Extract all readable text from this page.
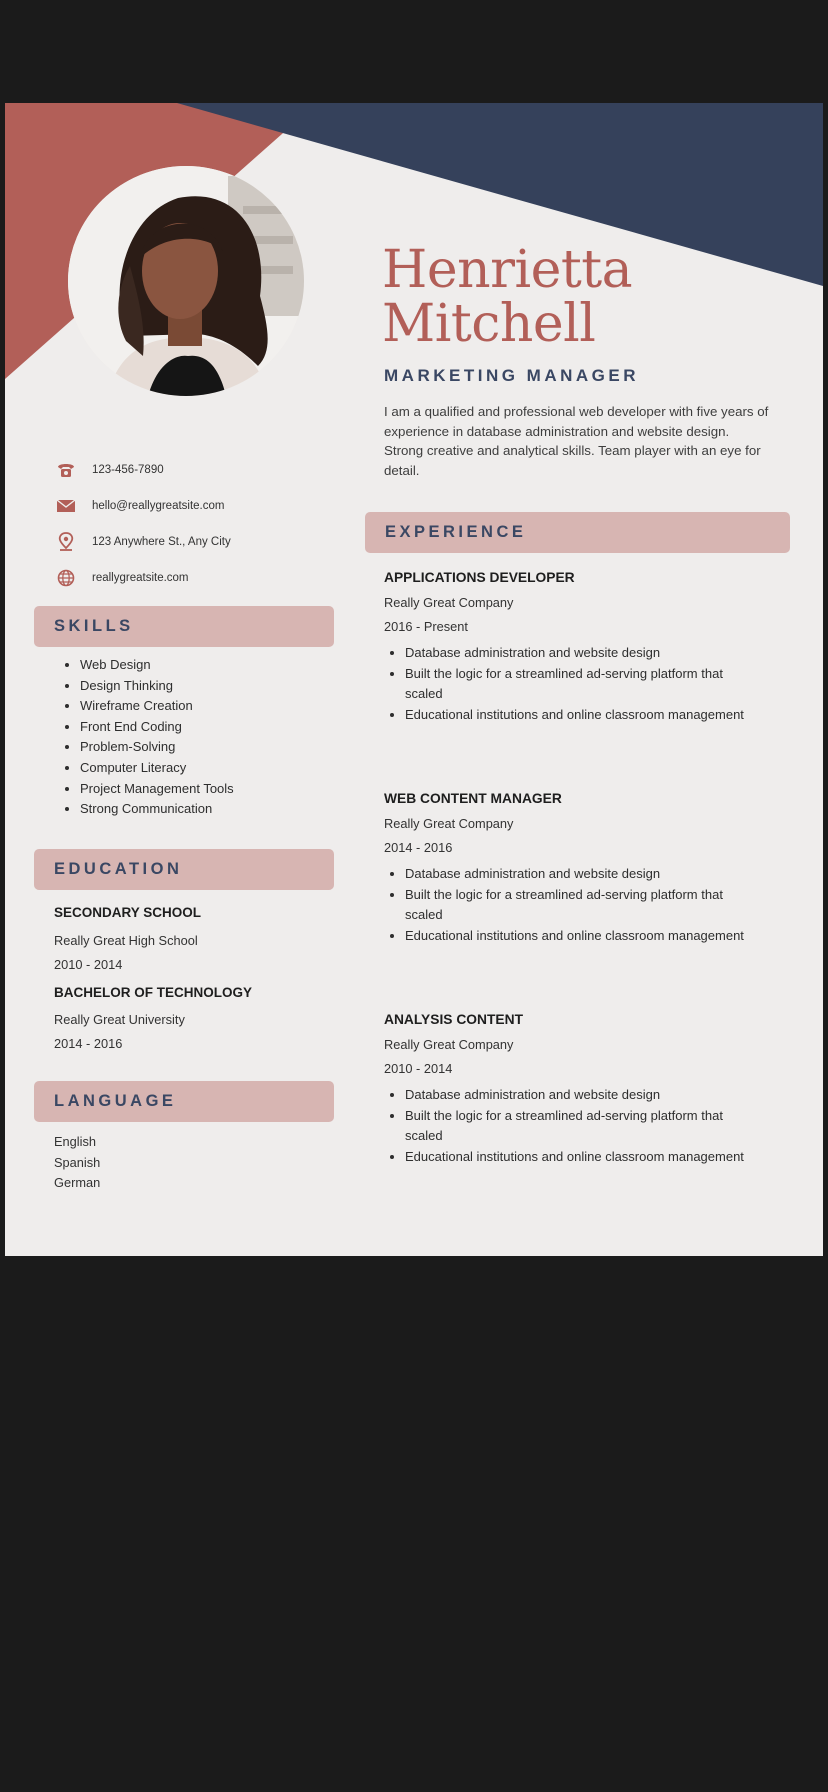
Henrietta
Mitchell

MARKETING MANAGER

I am a qualified and professional web developer with five years of experience in database administration and website design. Strong creative and analytical skills. Team player with an eye for detail.

123-456-7890
hello@reallygreatsite.com
123 Anywhere St., Any City
reallygreatsite.com
SKILLS
• Web Design
• Design Thinking
• Wireframe Creation
• Front End Coding
• Problem-Solving
• Computer Literacy
• Project Management Tools
• Strong Communication
EDUCATION

SECONDARY SCHOOL

Really Great High School

2010 - 2014

BACHELOR OF TECHNOLOGY

Really Great University

2014 - 2016

LANGUAGE
English
Spanish
German
EXPERIENCE

APPLICATIONS DEVELOPER

Really Great Company

2016 - Present

• Database administration and website design
• Built the logic for a streamlined ad-serving platform that scaled
• Educational institutions and online classroom management

WEB CONTENT MANAGER

Really Great Company

2014 - 2016

• Database administration and website design
• Built the logic for a streamlined ad-serving platform that scaled
• Educational institutions and online classroom management

ANALYSIS CONTENT

Really Great Company

2010 - 2014

• Database administration and website design
• Built the logic for a streamlined ad-serving platform that scaled
• Educational institutions and online classroom management
